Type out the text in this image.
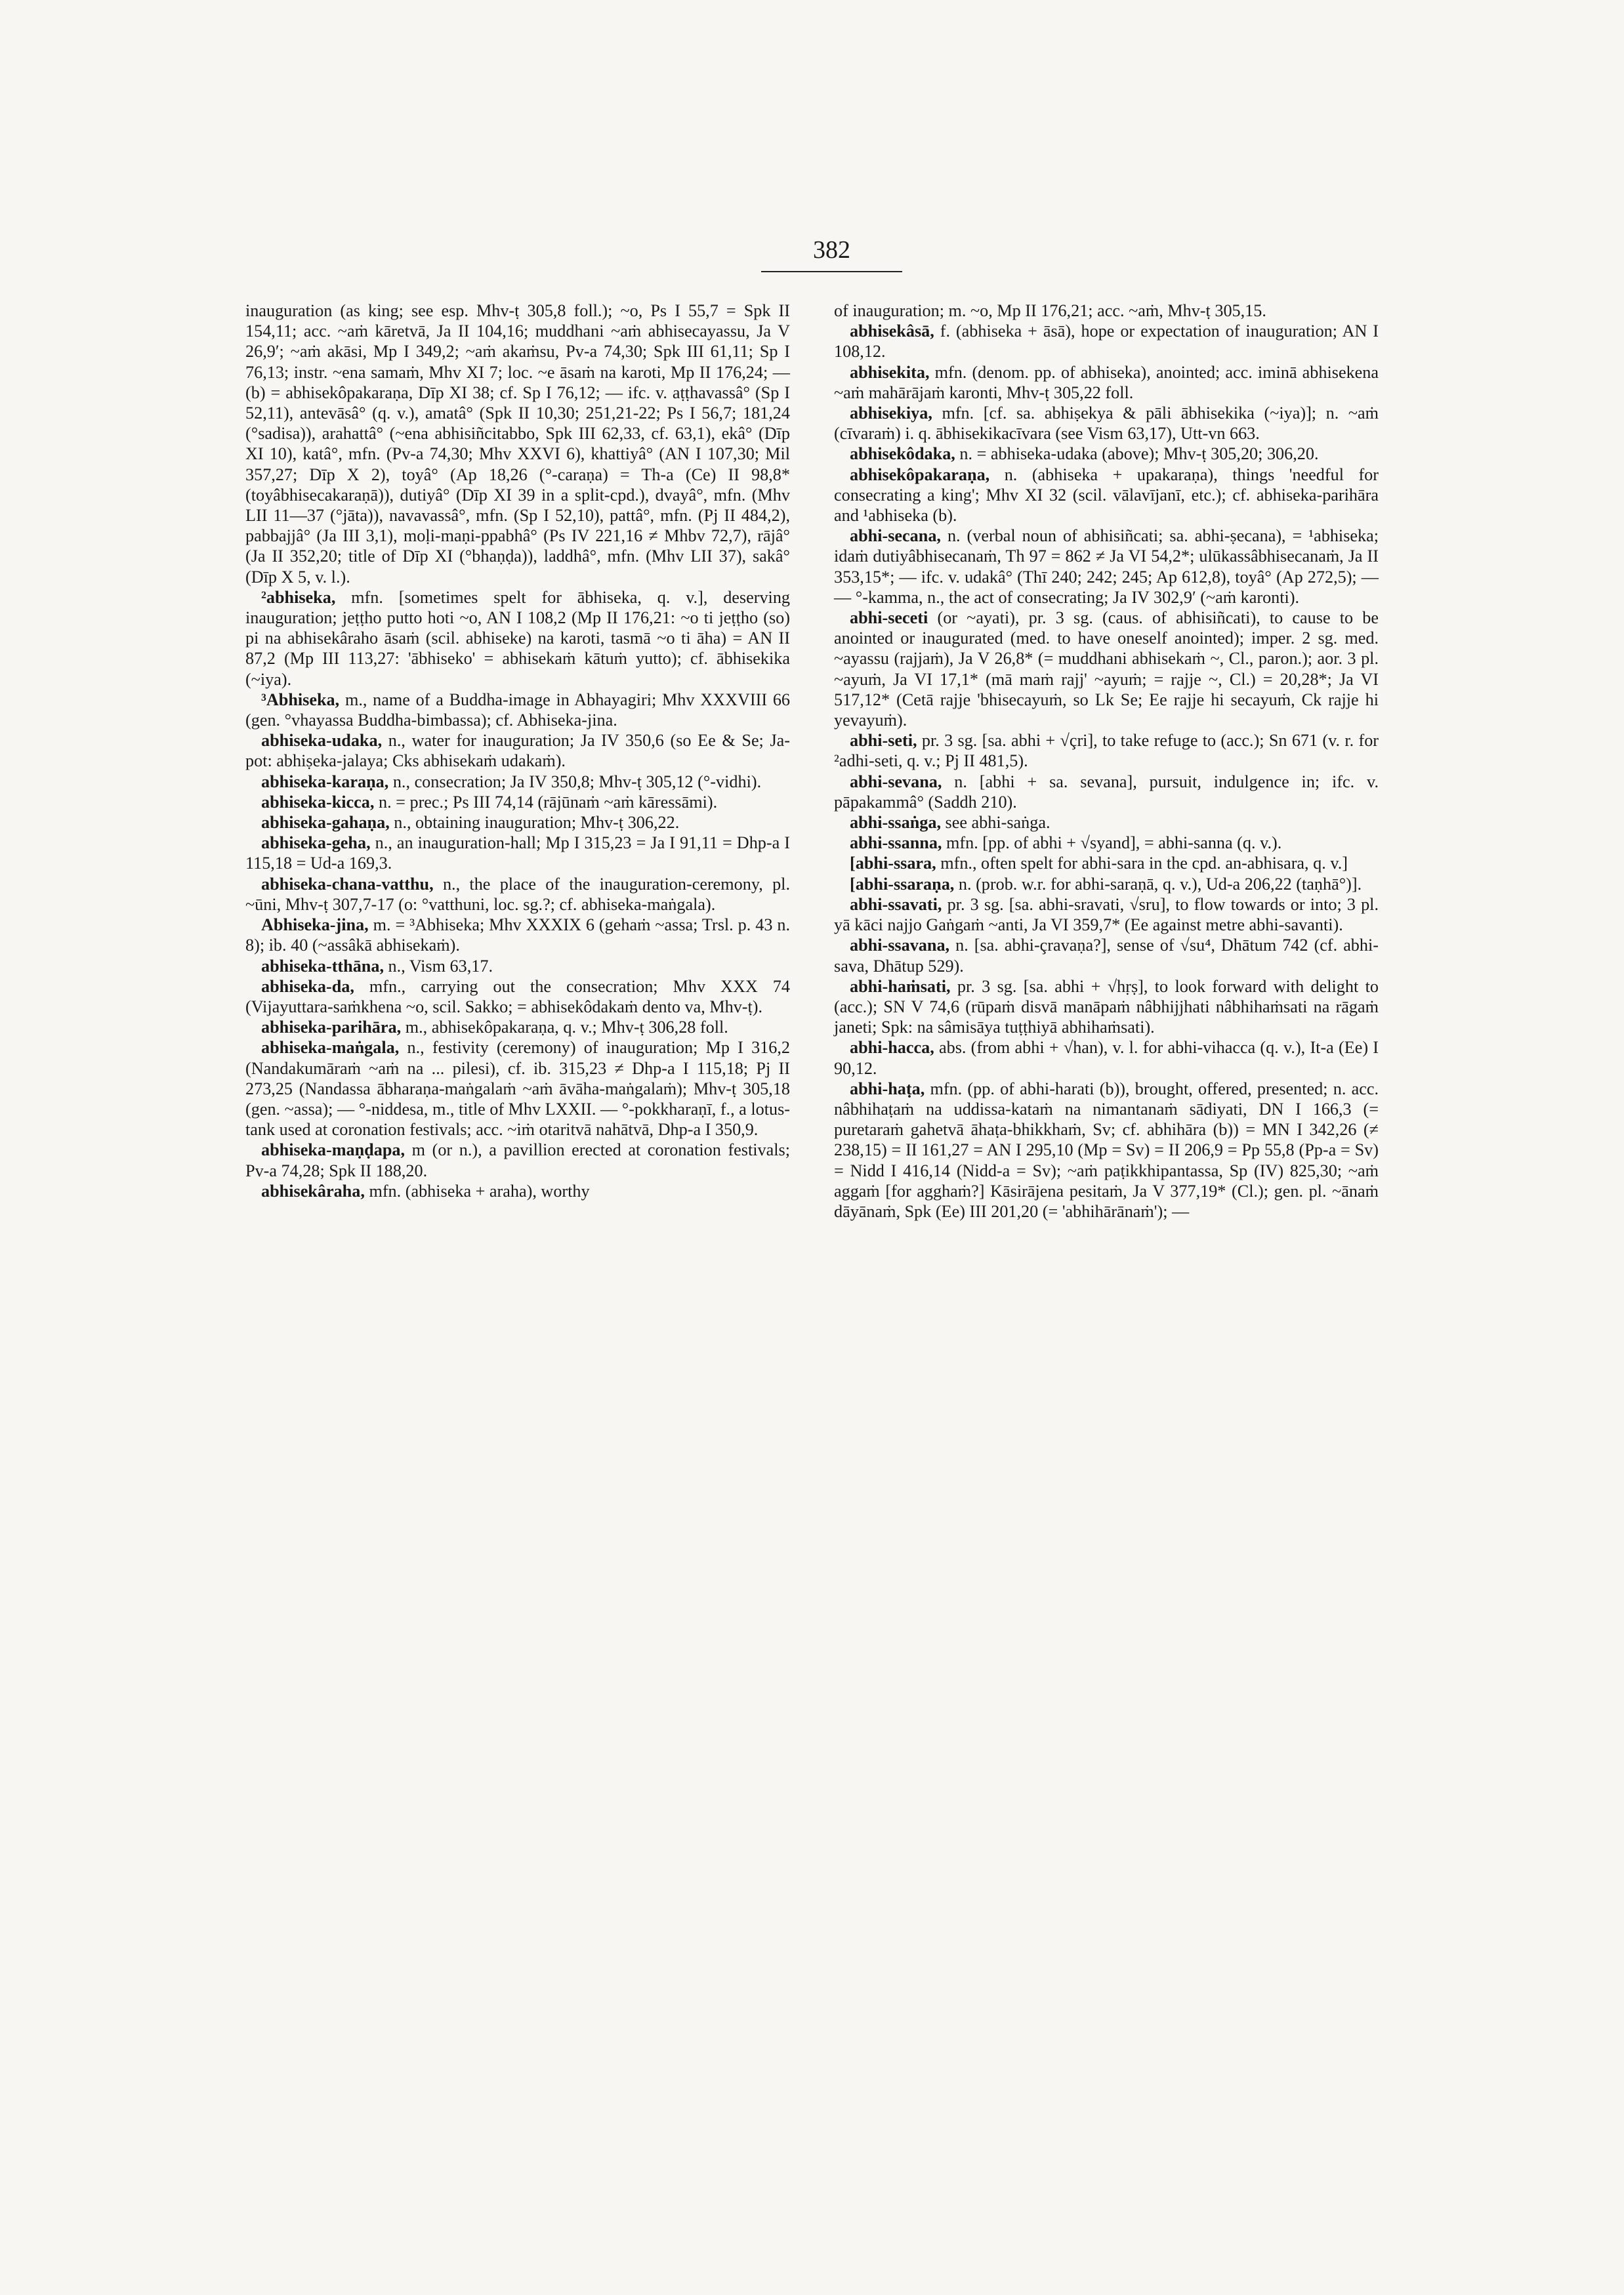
382

inauguration (as king; see esp. Mhv-ṭ 305,8 foll.); ~o, Ps I 55,7 = Spk II 154,11; acc. ~aṁ kāretvā, Ja II 104,16; muddhani ~aṁ abhisecayassu, Ja V 26,9′; ~aṁ akāsi, Mp I 349,2; ~aṁ akaṁsu, Pv-a 74,30; Spk III 61,11; Sp I 76,13; instr. ~ena samaṁ, Mhv XI 7; loc. ~e āsaṁ na karoti, Mp II 176,24; — (b) = abhisekôpakaraṇa, Dīp XI 38; cf. Sp I 76,12; — ifc. v. aṭṭhavassâ° (Sp I 52,11), antevāsâ° (q. v.), amatâ° (Spk II 10,30; 251,21-22; Ps I 56,7; 181,24 (°sadisa)), arahattâ° (~ena abhisiñcitabbo, Spk III 62,33, cf. 63,1), ekâ° (Dīp XI 10), katâ°, mfn. (Pv-a 74,30; Mhv XXVI 6), khattiyâ° (AN I 107,30; Mil 357,27; Dīp X 2), toyâ° (Ap 18,26 (°-caraṇa) = Th-a (Ce) II 98,8* (toyâbhisecakaraṇā)), dutiyâ° (Dīp XI 39 in a split-cpd.), dvayâ°, mfn. (Mhv LII 11—37 (°jāta)), navavassâ°, mfn. (Sp I 52,10), pattâ°, mfn. (Pj II 484,2), pabbajjâ° (Ja III 3,1), moḷi-maṇi-ppabhâ° (Ps IV 221,16 ≠ Mhbv 72,7), rājâ° (Ja II 352,20; title of Dīp XI (°bhaṇḍa)), laddhâ°, mfn. (Mhv LII 37), sakâ° (Dīp X 5, v. l.).

²abhiseka, mfn. [sometimes spelt for ābhiseka, q. v.], deserving inauguration; jeṭṭho putto hoti ~o, AN I 108,2 (Mp II 176,21: ~o ti jeṭṭho (so) pi na abhisekâraho āsaṁ (scil. abhiseke) na karoti, tasmā ~o ti āha) = AN II 87,2 (Mp III 113,27: 'ābhiseko' = abhisekaṁ kātuṁ yutto); cf. ābhisekika (~iya).

³Abhiseka, m., name of a Buddha-image in Abhayagiri; Mhv XXXVIII 66 (gen. °vhayassa Buddha-bimbassa); cf. Abhiseka-jina.

abhiseka-udaka, n., water for inauguration; Ja IV 350,6 (so Ee & Se; Ja-pot: abhiṣeka-jalaya; Cks abhisekaṁ udakaṁ).

abhiseka-karaṇa, n., consecration; Ja IV 350,8; Mhv-ṭ 305,12 (°-vidhi).

abhiseka-kicca, n. = prec.; Ps III 74,14 (rājūnaṁ ~aṁ kāressāmi).

abhiseka-gahaṇa, n., obtaining inauguration; Mhv-ṭ 306,22.

abhiseka-geha, n., an inauguration-hall; Mp I 315,23 = Ja I 91,11 = Dhp-a I 115,18 = Ud-a 169,3.

abhiseka-chana-vatthu, n., the place of the inauguration-ceremony, pl. ~ūni, Mhv-ṭ 307,7-17 (o: °vatthuni, loc. sg.?; cf. abhiseka-maṅgala).

Abhiseka-jina, m. = ³Abhiseka; Mhv XXXIX 6 (gehaṁ ~assa; Trsl. p. 43 n. 8); ib. 40 (~assâkā abhisekaṁ).

abhiseka-tthāna, n., Vism 63,17.

abhiseka-da, mfn., carrying out the consecration; Mhv XXX 74 (Vijayuttara-saṁkhena ~o, scil. Sakko; = abhisekôdakaṁ dento va, Mhv-ṭ).

abhiseka-parihāra, m., abhisekôpakaraṇa, q. v.; Mhv-ṭ 306,28 foll.

abhiseka-maṅgala, n., festivity (ceremony) of inauguration; Mp I 316,2 (Nandakumāraṁ ~aṁ na ... pilesi), cf. ib. 315,23 ≠ Dhp-a I 115,18; Pj II 273,25 (Nandassa ābharaṇa-maṅgalaṁ ~aṁ āvāha-maṅgalaṁ); Mhv-ṭ 305,18 (gen. ~assa); — °-niddesa, m., title of Mhv LXXII. — °-pokkharaṇī, f., a lotus-tank used at coronation festivals; acc. ~iṁ otaritvā nahātvā, Dhp-a I 350,9.

abhiseka-maṇḍapa, m (or n.), a pavillion erected at coronation festivals; Pv-a 74,28; Spk II 188,20.

abhisekâraha, mfn. (abhiseka + araha), worthy

of inauguration; m. ~o, Mp II 176,21; acc. ~aṁ, Mhv-ṭ 305,15.

abhisekâsā, f. (abhiseka + āsā), hope or expectation of inauguration; AN I 108,12.

abhisekita, mfn. (denom. pp. of abhiseka), anointed; acc. iminā abhisekena ~aṁ mahārājaṁ karonti, Mhv-ṭ 305,22 foll.

abhisekiya, mfn. [cf. sa. abhiṣekya & pāli ābhisekika (~iya)]; n. ~aṁ (cīvaraṁ) i. q. ābhisekikacīvara (see Vism 63,17), Utt-vn 663.

abhisekôdaka, n. = abhiseka-udaka (above); Mhv-ṭ 305,20; 306,20.

abhisekôpakaraṇa, n. (abhiseka + upakaraṇa), things 'needful for consecrating a king'; Mhv XI 32 (scil. vālavījanī, etc.); cf. abhiseka-parihāra and ¹abhiseka (b).

abhi-secana, n. (verbal noun of abhisiñcati; sa. abhi-ṣecana), = ¹abhiseka; idaṁ dutiyâbhisecanaṁ, Th 97 = 862 ≠ Ja VI 54,2*; ulūkassâbhisecanaṁ, Ja II 353,15*; — ifc. v. udakâ° (Thī 240; 242; 245; Ap 612,8), toyâ° (Ap 272,5); — — °-kamma, n., the act of consecrating; Ja IV 302,9′ (~aṁ karonti).

abhi-seceti (or ~ayati), pr. 3 sg. (caus. of abhisiñcati), to cause to be anointed or inaugurated (med. to have oneself anointed); imper. 2 sg. med. ~ayassu (rajjaṁ), Ja V 26,8* (= muddhani abhisekaṁ ~, Cl., paron.); aor. 3 pl. ~ayuṁ, Ja VI 17,1* (mā maṁ rajj' ~ayuṁ; = rajje ~, Cl.) = 20,28*; Ja VI 517,12* (Cetā rajje 'bhisecayuṁ, so Lk Se; Ee rajje hi secayuṁ, Ck rajje hi yevayuṁ).

abhi-seti, pr. 3 sg. [sa. abhi + √çri], to take refuge to (acc.); Sn 671 (v. r. for ²adhi-seti, q. v.; Pj II 481,5).

abhi-sevana, n. [abhi + sa. sevana], pursuit, indulgence in; ifc. v. pāpakammâ° (Saddh 210).

abhi-ssaṅga, see abhi-saṅga.

abhi-ssanna, mfn. [pp. of abhi + √syand], = abhi-sanna (q. v.).

[abhi-ssara, mfn., often spelt for abhi-sara in the cpd. an-abhisara, q. v.]

[abhi-ssaraṇa, n. (prob. w.r. for abhi-saraṇā, q. v.), Ud-a 206,22 (taṇhā°)].

abhi-ssavati, pr. 3 sg. [sa. abhi-sravati, √sru], to flow towards or into; 3 pl. yā kāci najjo Gaṅgaṁ ~anti, Ja VI 359,7* (Ee against metre abhi-savanti).

abhi-ssavana, n. [sa. abhi-çravaṇa?], sense of √su⁴, Dhātum 742 (cf. abhi-sava, Dhātup 529).

abhi-haṁsati, pr. 3 sg. [sa. abhi + √hṛṣ], to look forward with delight to (acc.); SN V 74,6 (rūpaṁ disvā manāpaṁ nâbhijjhati nâbhihaṁsati na rāgaṁ janeti; Spk: na sâmisāya tuṭṭhiyā abhihaṁsati).

abhi-hacca, abs. (from abhi + √han), v. l. for abhi-vihacca (q. v.), It-a (Ee) I 90,12.

abhi-haṭa, mfn. (pp. of abhi-harati (b)), brought, offered, presented; n. acc. nâbhihaṭaṁ na uddissa-kataṁ na nimantanaṁ sādiyati, DN I 166,3 (= puretaraṁ gahetvā āhaṭa-bhikkhaṁ, Sv; cf. abhihāra (b)) = MN I 342,26 (≠ 238,15) = II 161,27 = AN I 295,10 (Mp = Sv) = II 206,9 = Pp 55,8 (Pp-a = Sv) = Nidd I 416,14 (Nidd-a = Sv); ~aṁ paṭikkhipantassa, Sp (IV) 825,30; ~aṁ aggaṁ [for agghaṁ?] Kāsirājena pesitaṁ, Ja V 377,19* (Cl.); gen. pl. ~ānaṁ dāyānaṁ, Spk (Ee) III 201,20 (= 'abhihārānaṁ'); —
